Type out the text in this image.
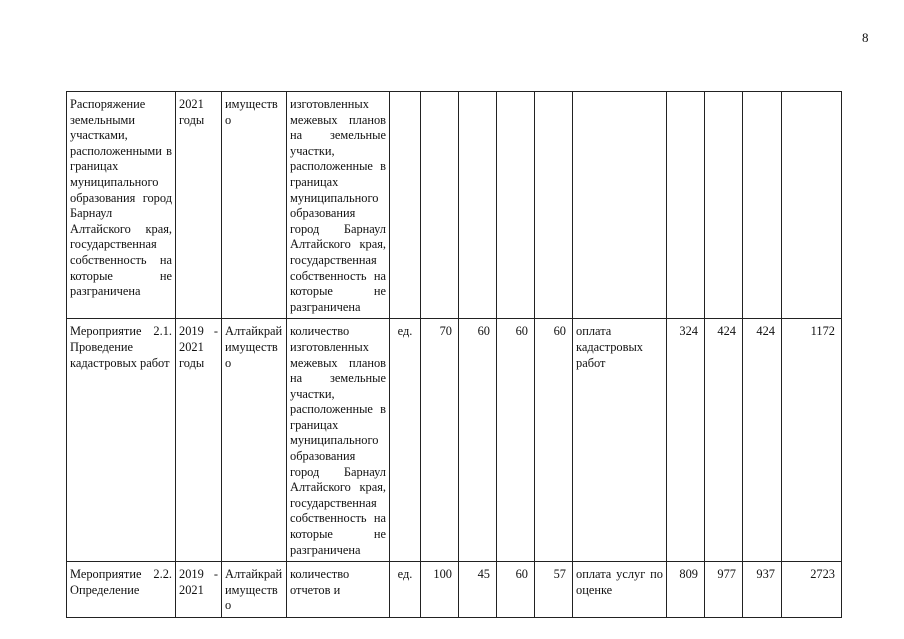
8
Распоряжение земельными участками, расположенными в границах муниципального образования город Барнаул Алтайского края, государственная собственность на которые не разграничена	2021 годы	имущество	изготовленных межевых планов на земельные участки, расположенные в границах муниципального образования город Барнаул Алтайского края, государственная собственность на которые не разграничена										
Мероприятие 2.1. Проведение кадастровых работ	2019 - 2021 годы	Алтайкрай имущество	количество изготовленных межевых планов на земельные участки, расположенные в границах муниципального образования город Барнаул Алтайского края, государственная собственность на которые не разграничена	ед.	70	60	60	60	оплата кадастровых работ	324	424	424	1172
Мероприятие 2.2. Определение	2019 - 2021	Алтайкрай имущество	количество отчетов и	ед.	100	45	60	57	оплата услуг по оценке	809	977	937	2723
